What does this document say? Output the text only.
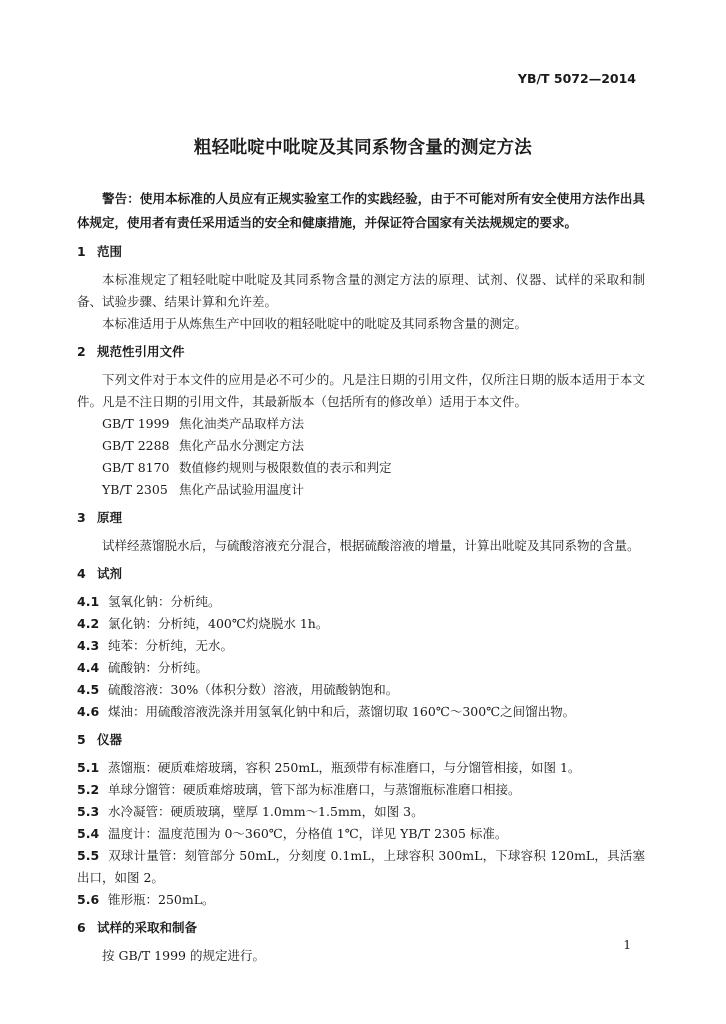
YB/T 5072—2014
粗轻吡啶中吡啶及其同系物含量的测定方法

警告：使用本标准的人员应有正规实验室工作的实践经验，由于不可能对所有安全使用方法作出具体规定，使用者有责任采用适当的安全和健康措施，并保证符合国家有关法规规定的要求。

1 范围

本标准规定了粗轻吡啶中吡啶及其同系物含量的测定方法的原理、试剂、仪器、试样的采取和制备、试验步骤、结果计算和允许差。

本标准适用于从炼焦生产中回收的粗轻吡啶中的吡啶及其同系物含量的测定。

2 规范性引用文件

下列文件对于本文件的应用是必不可少的。凡是注日期的引用文件，仅所注日期的版本适用于本文件。凡是不注日期的引用文件，其最新版本（包括所有的修改单）适用于本文件。

GB/T 1999 焦化油类产品取样方法
GB/T 2288 焦化产品水分测定方法
GB/T 8170 数值修约规则与极限数值的表示和判定
YB/T 2305 焦化产品试验用温度计
3 原理

试样经蒸馏脱水后，与硫酸溶液充分混合，根据硫酸溶液的增量，计算出吡啶及其同系物的含量。

4 试剂

4.1 氢氧化钠：分析纯。

4.2 氯化钠：分析纯，400℃灼烧脱水 1h。

4.3 纯苯：分析纯，无水。

4.4 硫酸钠：分析纯。

4.5 硫酸溶液：30%（体积分数）溶液，用硫酸钠饱和。

4.6 煤油：用硫酸溶液洗涤并用氢氧化钠中和后，蒸馏切取 160℃～300℃之间馏出物。

5 仪器

5.1 蒸馏瓶：硬质难熔玻璃，容积 250mL，瓶颈带有标准磨口，与分馏管相接，如图 1。

5.2 单球分馏管：硬质难熔玻璃，管下部为标准磨口，与蒸馏瓶标准磨口相接。

5.3 水冷凝管：硬质玻璃，壁厚 1.0mm～1.5mm，如图 3。

5.4 温度计：温度范围为 0～360℃，分格值 1℃，详见 YB/T 2305 标准。

5.5 双球计量管：刻管部分 50mL，分刻度 0.1mL，上球容积 300mL，下球容积 120mL，具活塞出口，如图 2。

5.6 锥形瓶：250mL。

6 试样的采取和制备

按 GB/T 1999 的规定进行。

1
